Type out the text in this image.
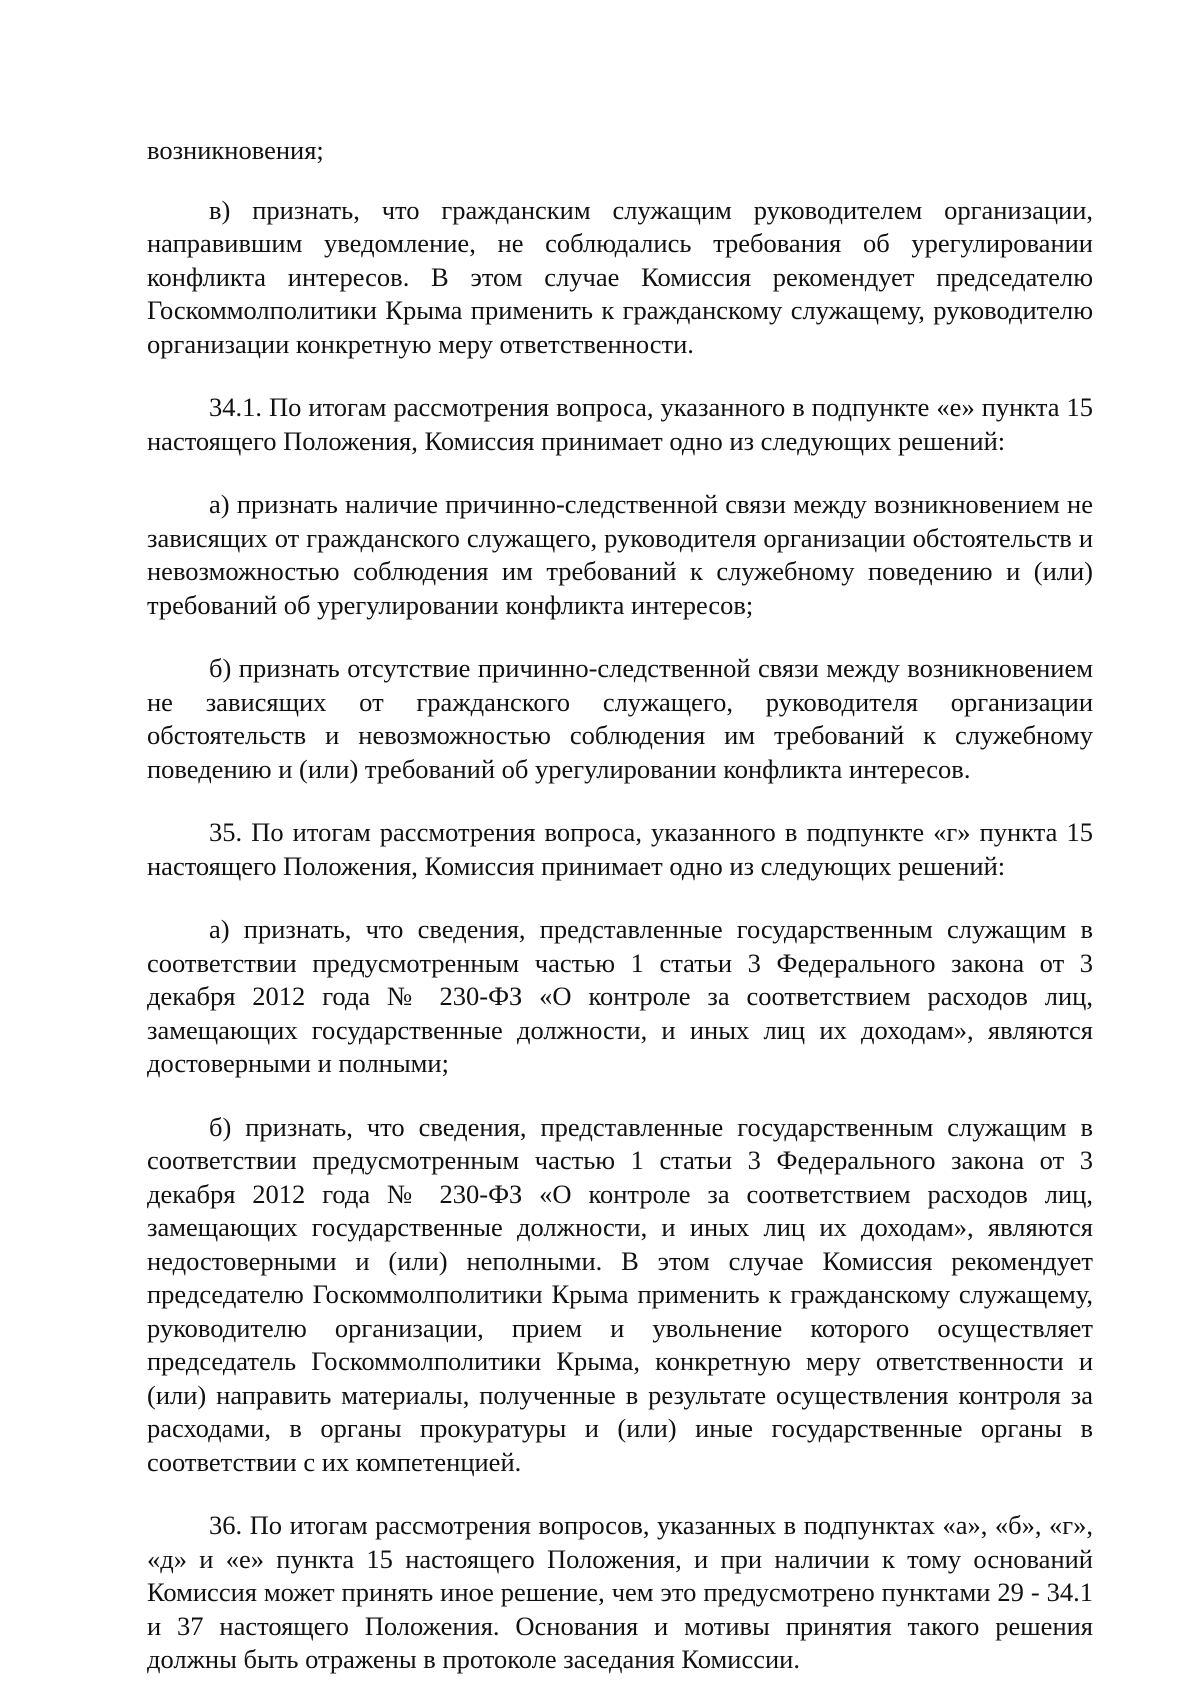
возникновения;

в) признать, что гражданским служащим руководителем организации, направившим уведомление, не соблюдались требования об урегулировании конфликта интересов. В этом случае Комиссия рекомендует председателю Госкоммолполитики Крыма применить к гражданскому служащему, руководителю организации конкретную меру ответственности.

34.1. По итогам рассмотрения вопроса, указанного в подпункте «е» пункта 15 настоящего Положения, Комиссия принимает одно из следующих решений:

а) признать наличие причинно-следственной связи между возникновением не зависящих от гражданского служащего, руководителя организации обстоятельств и невозможностью соблюдения им требований к служебному поведению и (или) требований об урегулировании конфликта интересов;

б) признать отсутствие причинно-следственной связи между возникновением не зависящих от гражданского служащего, руководителя организации обстоятельств и невозможностью соблюдения им требований к служебному поведению и (или) требований об урегулировании конфликта интересов.

35. По итогам рассмотрения вопроса, указанного в подпункте «г» пункта 15 настоящего Положения, Комиссия принимает одно из следующих решений:

а) признать, что сведения, представленные государственным служащим в соответствии предусмотренным частью 1 статьи 3 Федерального закона от 3 декабря 2012 года № 230-ФЗ «О контроле за соответствием расходов лиц, замещающих государственные должности, и иных лиц их доходам», являются достоверными и полными;

б) признать, что сведения, представленные государственным служащим в соответствии предусмотренным частью 1 статьи 3 Федерального закона от 3 декабря 2012 года № 230-ФЗ «О контроле за соответствием расходов лиц, замещающих государственные должности, и иных лиц их доходам», являются недостоверными и (или) неполными. В этом случае Комиссия рекомендует председателю Госкоммолполитики Крыма применить к гражданскому служащему, руководителю организации, прием и увольнение которого осуществляет председатель Госкоммолполитики Крыма, конкретную меру ответственности и (или) направить материалы, полученные в результате осуществления контроля за расходами, в органы прокуратуры и (или) иные государственные органы в соответствии с их компетенцией.

36. По итогам рассмотрения вопросов, указанных в подпунктах «а», «б», «г», «д» и «е» пункта 15 настоящего Положения, и при наличии к тому оснований Комиссия может принять иное решение, чем это предусмотрено пунктами 29 - 34.1 и 37 настоящего Положения. Основания и мотивы принятия такого решения должны быть отражены в протоколе заседания Комиссии.
